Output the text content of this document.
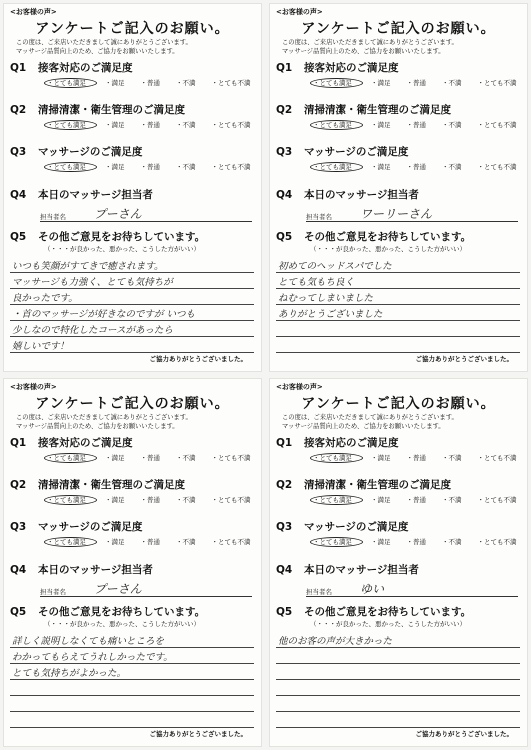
<お客様の声>
アンケートご記入のお願い。
この度は、ご来店いただきまして誠にありがとうございます。
マッサージ品質向上のため、ご協力をお願いいたします。
Q1 接客対応のご満足度
Q2 清掃清潔・衛生管理のご満足度
Q3 マッサージのご満足度
Q4 本日のマッサージ担当者
Q5 その他ご意見をお待ちしています。
・とても満足	・満足 ・普通 ・不満 ・とても不満
・とても満足	・満足 ・普通 ・不満 ・とても不満
・とても満足	・満足 ・普通 ・不満 ・とても不満
担当者名 プーさん
（・・・が良かった、悪かった、こうした方がいい）
いつも笑顔がすてきで癒されます。
マッサージも力強く、とても気持ちが
良かったです。
・首のマッサージが好きなのですが いつも
少しなので特化したコースがあったら
嬉しいです！
ご協力ありがとうございました。
<お客様の声>
アンケートご記入のお願い。
この度は、ご来店いただきまして誠にありがとうございます。
マッサージ品質向上のため、ご協力をお願いいたします。
Q1 接客対応のご満足度
Q2 清掃清潔・衛生管理のご満足度
Q3 マッサージのご満足度
Q4 本日のマッサージ担当者
Q5 その他ご意見をお待ちしています。
・とても満足	・満足 ・普通 ・不満 ・とても不満
・とても満足	・満足 ・普通 ・不満 ・とても不満
・とても満足	・満足 ・普通 ・不満 ・とても不満
担当者名 ワーリーさん
（・・・が良かった、悪かった、こうした方がいい）
初めてのヘッドスパでした
とても気もち良く
ねむってしまいました
ありがとうございました
ご協力ありがとうございました。
<お客様の声>
アンケートご記入のお願い。
この度は、ご来店いただきまして誠にありがとうございます。
マッサージ品質向上のため、ご協力をお願いいたします。
Q1 接客対応のご満足度
Q2 清掃清潔・衛生管理のご満足度
Q3 マッサージのご満足度
Q4 本日のマッサージ担当者
Q5 その他ご意見をお待ちしています。
・とても満足	・満足 ・普通 ・不満 ・とても不満
・とても満足	・満足 ・普通 ・不満 ・とても不満
・とても満足	・満足 ・普通 ・不満 ・とても不満
担当者名 プーさん
（・・・が良かった、悪かった、こうした方がいい）
詳しく説明しなくても痛いところを
わかってもらえてうれしかったです。
とても気持ちがよかった。
ご協力ありがとうございました。
<お客様の声>
アンケートご記入のお願い。
この度は、ご来店いただきまして誠にありがとうございます。
マッサージ品質向上のため、ご協力をお願いいたします。
Q1 接客対応のご満足度
Q2 清掃清潔・衛生管理のご満足度
Q3 マッサージのご満足度
Q4 本日のマッサージ担当者
Q5 その他ご意見をお待ちしています。
・とても満足	・満足 ・普通 ・不満 ・とても不満
・とても満足	・満足 ・普通 ・不満 ・とても不満
・とても満足	・満足 ・普通 ・不満 ・とても不満
担当者名 ゆい
（・・・が良かった、悪かった、こうした方がいい）
他のお客の声が大きかった
ご協力ありがとうございました。
